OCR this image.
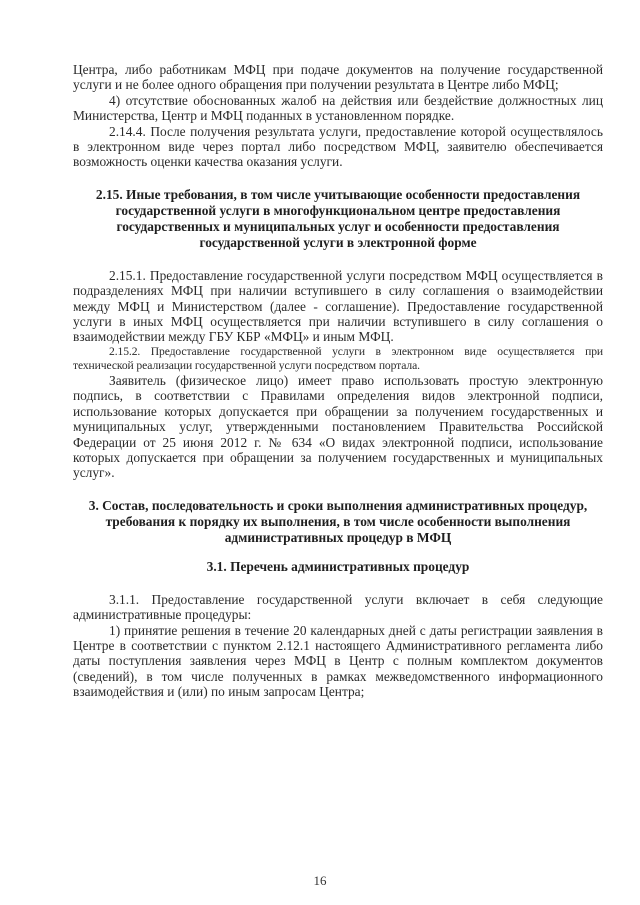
Центра, либо работникам МФЦ при подаче документов на получение государственной услуги и не более одного обращения при получении результата в Центре либо МФЦ;

4) отсутствие обоснованных жалоб на действия или бездействие должностных лиц Министерства, Центр и МФЦ поданных в установленном порядке.

2.14.4. После получения результата услуги, предоставление которой осуществлялось в электронном виде через портал либо посредством МФЦ, заявителю обеспечивается возможность оценки качества оказания услуги.

2.15. Иные требования, в том числе учитывающие особенности предоставления государственной услуги в многофункциональном центре предоставления государственных и муниципальных услуг и особенности предоставления государственной услуги в электронной форме

2.15.1. Предоставление государственной услуги посредством МФЦ осуществляется в подразделениях МФЦ при наличии вступившего в силу соглашения о взаимодействии между МФЦ и Министерством (далее - соглашение). Предоставление государственной услуги в иных МФЦ осуществляется при наличии вступившего в силу соглашения о взаимодействии между ГБУ КБР «МФЦ» и иным МФЦ.

2.15.2. Предоставление государственной услуги в электронном виде осуществляется при технической реализации государственной услуги посредством портала.

Заявитель (физическое лицо) имеет право использовать простую электронную подпись, в соответствии с Правилами определения видов электронной подписи, использование которых допускается при обращении за получением государственных и муниципальных услуг, утвержденными постановлением Правительства Российской Федерации от 25 июня 2012 г. № 634 «О видах электронной подписи, использование которых допускается при обращении за получением государственных и муниципальных услуг».

3. Состав, последовательность и сроки выполнения административных процедур, требования к порядку их выполнения, в том числе особенности выполнения административных процедур в МФЦ

3.1. Перечень административных процедур

3.1.1. Предоставление государственной услуги включает в себя следующие административные процедуры:

1) принятие решения в течение 20 календарных дней с даты регистрации заявления в Центре в соответствии с пунктом 2.12.1 настоящего Административного регламента либо даты поступления заявления через МФЦ в Центр с полным комплектом документов (сведений), в том числе полученных в рамках межведомственного информационного взаимодействия и (или) по иным запросам Центра;

16
